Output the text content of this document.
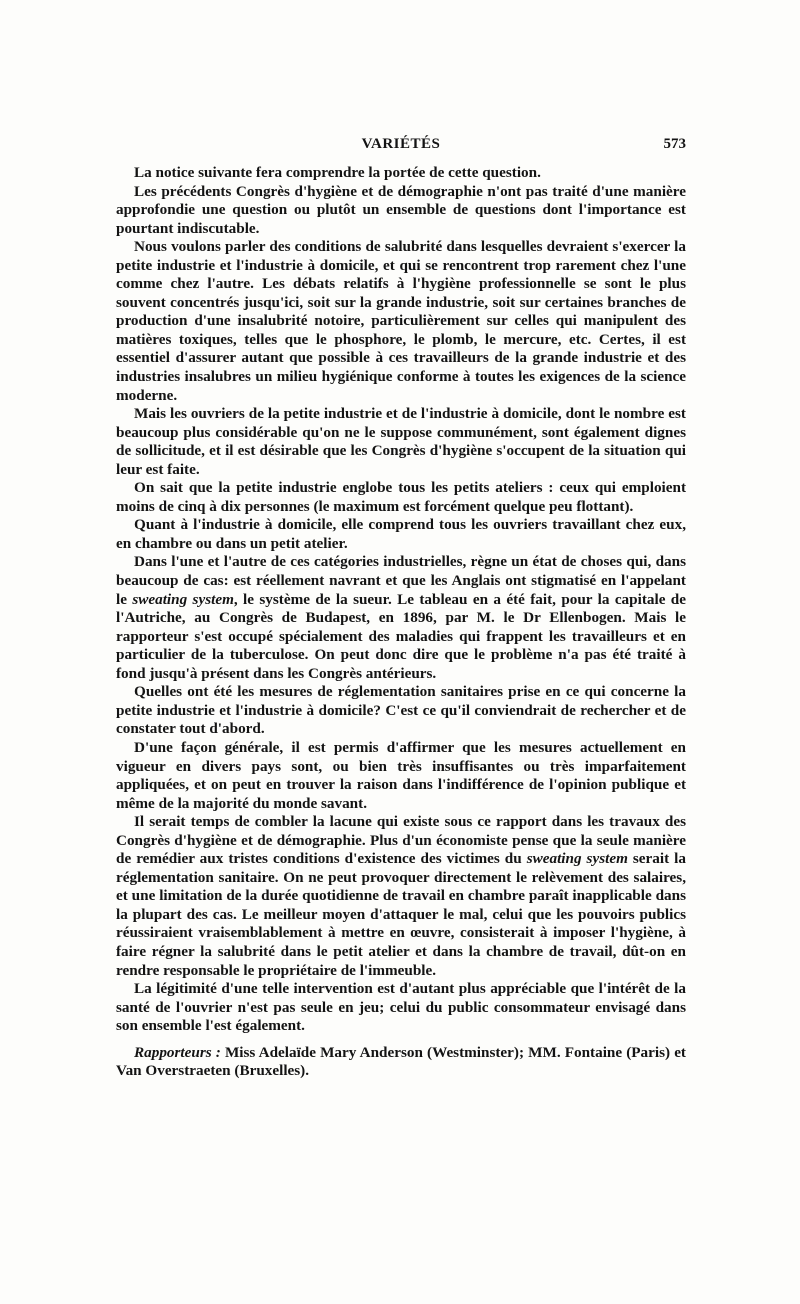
VARIÉTÉS	573

La notice suivante fera comprendre la portée de cette question.

Les précédents Congrès d'hygiène et de démographie n'ont pas traité d'une manière approfondie une question ou plutôt un ensemble de questions dont l'importance est pourtant indiscutable.

Nous voulons parler des conditions de salubrité dans lesquelles devraient s'exercer la petite industrie et l'industrie à domicile, et qui se rencontrent trop rarement chez l'une comme chez l'autre. Les débats relatifs à l'hygiène professionnelle se sont le plus souvent concentrés jusqu'ici, soit sur la grande industrie, soit sur certaines branches de production d'une insalubrité notoire, particulièrement sur celles qui manipulent des matières toxiques, telles que le phosphore, le plomb, le mercure, etc. Certes, il est essentiel d'assurer autant que possible à ces travailleurs de la grande industrie et des industries insalubres un milieu hygiénique conforme à toutes les exigences de la science moderne.

Mais les ouvriers de la petite industrie et de l'industrie à domicile, dont le nombre est beaucoup plus considérable qu'on ne le suppose communément, sont également dignes de sollicitude, et il est désirable que les Congrès d'hygiène s'occupent de la situation qui leur est faite.

On sait que la petite industrie englobe tous les petits ateliers : ceux qui emploient moins de cinq à dix personnes (le maximum est forcément quelque peu flottant).

Quant à l'industrie à domicile, elle comprend tous les ouvriers travaillant chez eux, en chambre ou dans un petit atelier.

Dans l'une et l'autre de ces catégories industrielles, règne un état de choses qui, dans beaucoup de cas: est réellement navrant et que les Anglais ont stigmatisé en l'appelant le sweating system, le système de la sueur. Le tableau en a été fait, pour la capitale de l'Autriche, au Congrès de Budapest, en 1896, par M. le Dr Ellenbogen. Mais le rapporteur s'est occupé spécialement des maladies qui frappent les travailleurs et en particulier de la tuberculose. On peut donc dire que le problème n'a pas été traité à fond jusqu'à présent dans les Congrès antérieurs.

Quelles ont été les mesures de réglementation sanitaires prise en ce qui concerne la petite industrie et l'industrie à domicile? C'est ce qu'il conviendrait de rechercher et de constater tout d'abord.

D'une façon générale, il est permis d'affirmer que les mesures actuellement en vigueur en divers pays sont, ou bien très insuffisantes ou très imparfaitement appliquées, et on peut en trouver la raison dans l'indifférence de l'opinion publique et même de la majorité du monde savant.

Il serait temps de combler la lacune qui existe sous ce rapport dans les travaux des Congrès d'hygiène et de démographie. Plus d'un économiste pense que la seule manière de remédier aux tristes conditions d'existence des victimes du sweating system serait la réglementation sanitaire. On ne peut provoquer directement le relèvement des salaires, et une limitation de la durée quotidienne de travail en chambre paraît inapplicable dans la plupart des cas. Le meilleur moyen d'attaquer le mal, celui que les pouvoirs publics réussiraient vraisemblablement à mettre en œuvre, consisterait à imposer l'hygiène, à faire régner la salubrité dans le petit atelier et dans la chambre de travail, dût-on en rendre responsable le propriétaire de l'immeuble.

La légitimité d'une telle intervention est d'autant plus appréciable que l'intérêt de la santé de l'ouvrier n'est pas seule en jeu; celui du public consommateur envisagé dans son ensemble l'est également.

Rapporteurs : Miss Adelaïde Mary Anderson (Westminster); MM. Fontaine (Paris) et Van Overstraeten (Bruxelles).
